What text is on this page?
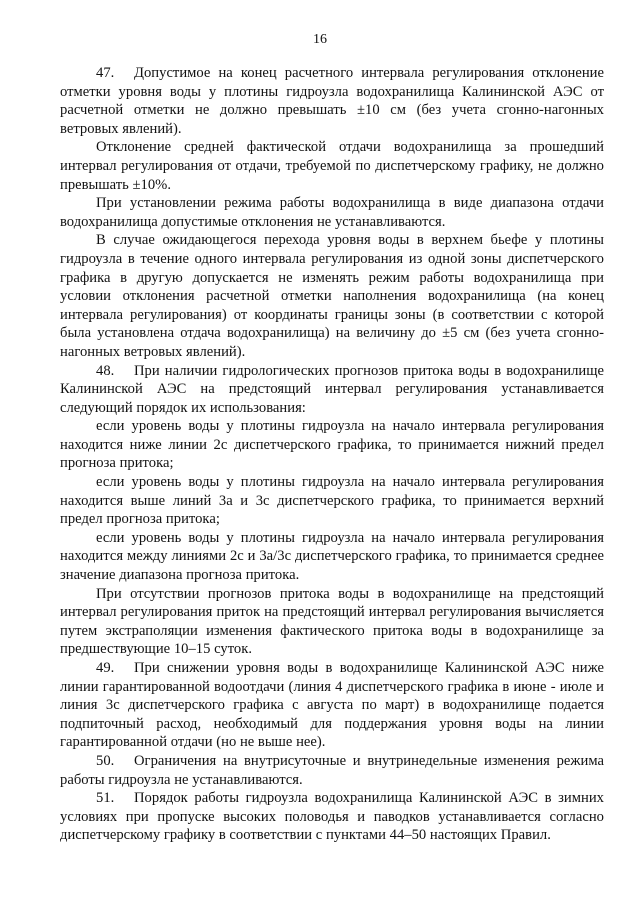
16

47. Допустимое на конец расчетного интервала регулирования отклонение отметки уровня воды у плотины гидроузла водохранилища Калининской АЭС от расчетной отметки не должно превышать ±10 см (без учета сгонно-нагонных ветровых явлений).

Отклонение средней фактической отдачи водохранилища за прошедший интервал регулирования от отдачи, требуемой по диспетчерскому графику, не должно превышать ±10%.

При установлении режима работы водохранилища в виде диапазона отдачи водохранилища допустимые отклонения не устанавливаются.

В случае ожидающегося перехода уровня воды в верхнем бьефе у плотины гидроузла в течение одного интервала регулирования из одной зоны диспетчерского графика в другую допускается не изменять режим работы водохранилища при условии отклонения расчетной отметки наполнения водохранилища (на конец интервала регулирования) от координаты границы зоны (в соответствии с которой была установлена отдача водохранилища) на величину до ±5 см (без учета сгонно-нагонных ветровых явлений).

48. При наличии гидрологических прогнозов притока воды в водохранилище Калининской АЭС на предстоящий интервал регулирования устанавливается следующий порядок их использования:

если уровень воды у плотины гидроузла на начало интервала регулирования находится ниже линии 2с диспетчерского графика, то принимается нижний предел прогноза притока;

если уровень воды у плотины гидроузла на начало интервала регулирования находится выше линий 3а и 3с диспетчерского графика, то принимается верхний предел прогноза притока;

если уровень воды у плотины гидроузла на начало интервала регулирования находится между линиями 2с и 3а/3с диспетчерского графика, то принимается среднее значение диапазона прогноза притока.

При отсутствии прогнозов притока воды в водохранилище на предстоящий интервал регулирования приток на предстоящий интервал регулирования вычисляется путем экстраполяции изменения фактического притока воды в водохранилище за предшествующие 10–15 суток.

49. При снижении уровня воды в водохранилище Калининской АЭС ниже линии гарантированной водоотдачи (линия 4 диспетчерского графика в июне - июле и линия 3с диспетчерского графика с августа по март) в водохранилище подается подпиточный расход, необходимый для поддержания уровня воды на линии гарантированной отдачи (но не выше нее).

50. Ограничения на внутрисуточные и внутринедельные изменения режима работы гидроузла не устанавливаются.

51. Порядок работы гидроузла водохранилища Калининской АЭС в зимних условиях при пропуске высоких половодья и паводков устанавливается согласно диспетчерскому графику в соответствии с пунктами 44–50 настоящих Правил.
